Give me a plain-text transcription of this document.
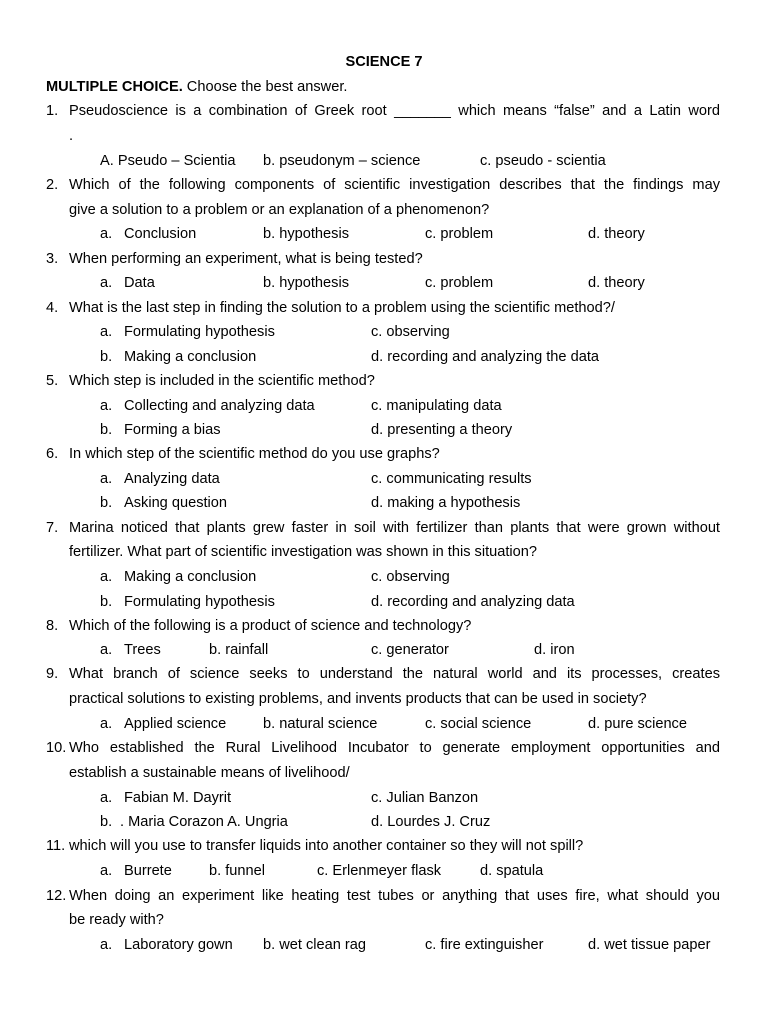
SCIENCE 7
MULTIPLE CHOICE. Choose the best answer.
1. Pseudoscience is a combination of Greek root _______ which means “false” and a Latin word
.
A. Pseudo – Scientia b. pseudonym – science	c. pseudo - scientia
2. Which of the following components of scientific investigation describes that the findings may
give a solution to a problem or an explanation of a phenomenon?
a. Conclusion	b. hypothesis	c. problem	d. theory
3. When performing an experiment, what is being tested?
a. Data	b. hypothesis	c. problem	d. theory
4. What is the last step in finding the solution to a problem using the scientific method?/
a. Formulating hypothesis	c. observing
b. Making a conclusion	d. recording and analyzing the data
5. Which step is included in the scientific method?
a. Collecting and analyzing data	c. manipulating data
b. Forming a bias	d. presenting a theory
6. In which step of the scientific method do you use graphs?
a. Analyzing data	c. communicating results
b. Asking question	d. making a hypothesis
7. Marina noticed that plants grew faster in soil with fertilizer than plants that were grown without
fertilizer. What part of scientific investigation was shown in this situation?
a. Making a conclusion	c. observing
b. Formulating hypothesis	d. recording and analyzing data
8. Which of the following is a product of science and technology?
a. Trees	b. rainfall	c. generator	d. iron
9. What branch of science seeks to understand the natural world and its processes, creates
practical solutions to existing problems, and invents products that can be used in society?
a. Applied science	b. natural science	c. social science	d. pure science
10. Who established the Rural Livelihood Incubator to generate employment opportunities and
establish a sustainable means of livelihood/
a. Fabian M. Dayrit	c. Julian Banzon
b. . Maria Corazon A. Ungria	d. Lourdes J. Cruz
11. which will you use to transfer liquids into another container so they will not spill?
a. Burrete	b. funnel	c. Erlenmeyer flask	d. spatula
12. When doing an experiment like heating test tubes or anything that uses fire, what should you
be ready with?
a. Laboratory gown b. wet clean rag	c. fire extinguisher	d. wet tissue paper
